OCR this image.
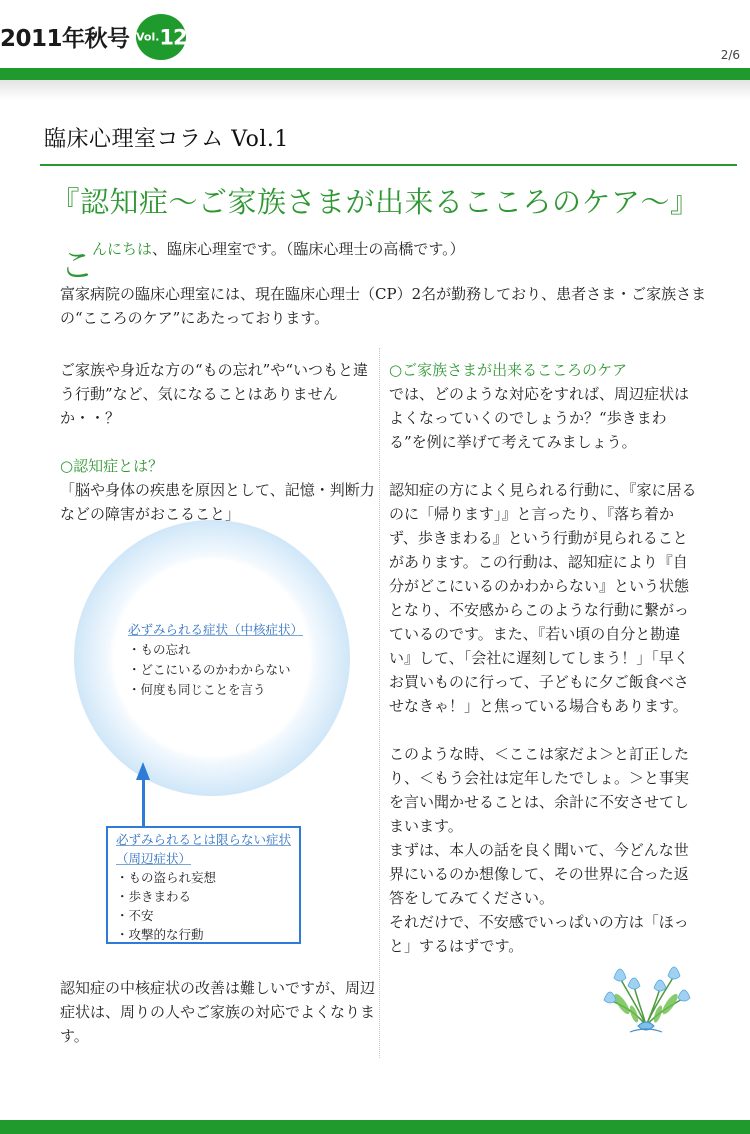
2011年秋号 Vol.12
2/6
臨床心理室コラム Vol.1
『認知症〜ご家族さまが出来るこころのケア〜』
こ
んにちは、臨床心理室です。（臨床心理士の高橋です。）
富家病院の臨床心理室には、現在臨床心理士（CP）2名が勤務しており、患者さま・ご家族さまの“こころのケア”にあたっております。
ご家族や身近な方の“もの忘れ”や“いつもと違う行動”など、気になることはありませんか・・？
○認知症とは？
「脳や身体の疾患を原因として、記憶・判断力などの障害がおこること」
必ずみられる症状（中核症状）
・もの忘れ
・どこにいるのかわからない
・何度も同じことを言う
必ずみられるとは限らない症状
（周辺症状）
・もの盗られ妄想
・歩きまわる
・不安
・攻撃的な行動
認知症の中核症状の改善は難しいですが、周辺症状は、周りの人やご家族の対応でよくなります。
○ご家族さまが出来るこころのケア
では、どのような対応をすれば、周辺症状はよくなっていくのでしょうか？“歩きまわる”を例に挙げて考えてみましょう。
認知症の方によく見られる行動に、『家に居るのに「帰ります」』と言ったり、『落ち着かず、歩きまわる』という行動が見られることがあります。この行動は、認知症により『自分がどこにいるのかわからない』という状態となり、不安感からこのような行動に繋がっているのです。また、『若い頃の自分と勘違い』して、「会社に遅刻してしまう！」「早くお買いものに行って、子どもに夕ご飯食べさせなきゃ！」と焦っている場合もあります。
このような時、＜ここは家だよ＞と訂正したり、＜もう会社は定年したでしょ。＞と事実を言い聞かせることは、余計に不安させてしまいます。
まずは、本人の話を良く聞いて、今どんな世界にいるのか想像して、その世界に合った返答をしてみてください。
それだけで、不安感でいっぱいの方は「ほっと」するはずです。
